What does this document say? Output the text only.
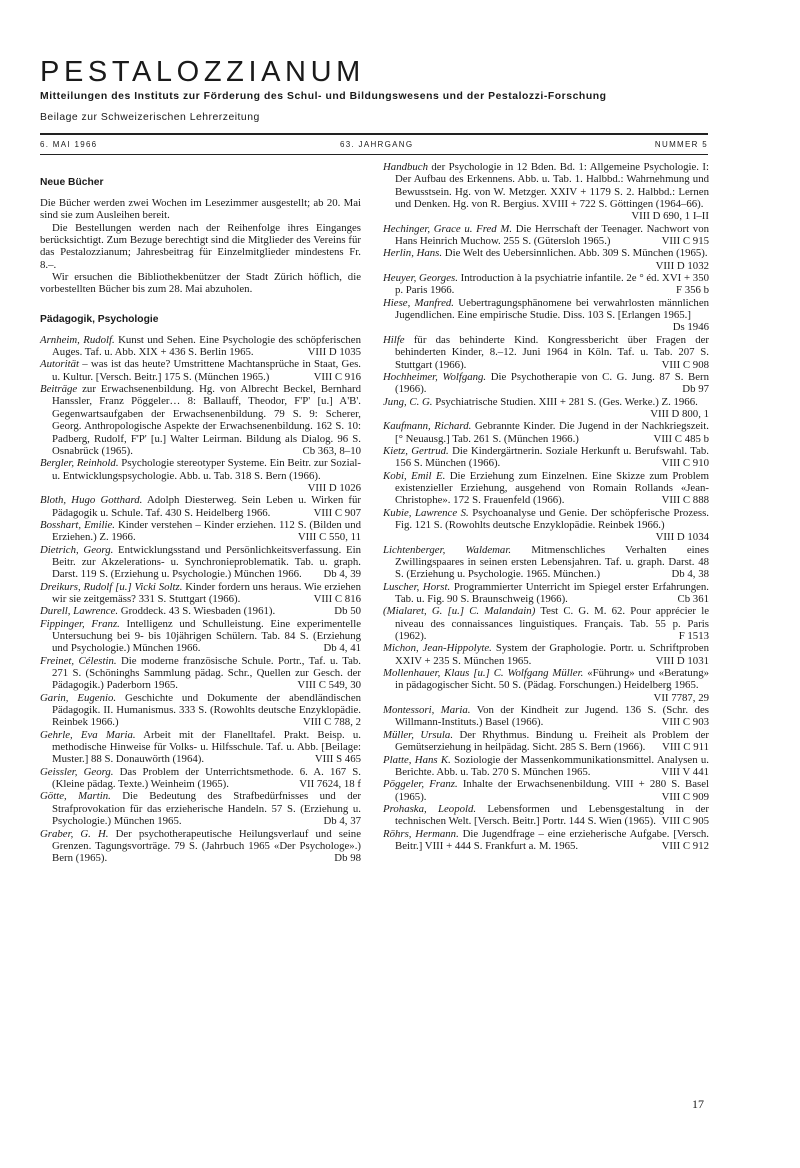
PESTALOZZIANUM
Mitteilungen des Instituts zur Förderung des Schul- und Bildungswesens und der Pestalozzi-Forschung
Beilage zur Schweizerischen Lehrerzeitung
6. MAI 1966	63. JAHRGANG	NUMMER 5
Neue Bücher

Die Bücher werden zwei Wochen im Lesezimmer ausgestellt; ab 20. Mai sind sie zum Ausleihen bereit.

Die Bestellungen werden nach der Reihenfolge ihres Einganges berücksichtigt. Zum Bezuge berechtigt sind die Mitglieder des Vereins für das Pestalozzianum; Jahresbeitrag für Einzelmitglieder mindestens Fr. 8.–.

Wir ersuchen die Bibliothekbenützer der Stadt Zürich höflich, die vorbestellten Bücher bis zum 28. Mai abzuholen.

Pädagogik, Psychologie

Arnheim, Rudolf. Kunst und Sehen. Eine Psychologie des schöpferischen Auges. Taf. u. Abb. XIX + 436 S. Berlin 1965.	VIII D 1035

Autorität – was ist das heute? Umstrittene Machtansprüche in Staat, Ges. u. Kultur. [Versch. Beitr.] 175 S. (München 1965.)	VIII C 916

Beiträge zur Erwachsenenbildung. Hg. von Albrecht Beckel, Bernhard Hanssler, Franz Pöggeler… 8: Ballauff, Theodor, F'P' [u.] A'B'. Gegenwartsaufgaben der Erwachsenenbildung. 79 S. 9: Scherer, Georg. Anthropologische Aspekte der Erwachsenenbildung. 162 S. 10: Padberg, Rudolf, F'P' [u.] Walter Leirman. Bildung als Dialog. 96 S. Osnabrück (1965).	Cb 363, 8–10

Bergler, Reinhold. Psychologie stereotyper Systeme. Ein Beitr. zur Sozial- u. Entwicklungspsychologie. Abb. u. Tab. 318 S. Bern (1966).
VIII D 1026

Bloth, Hugo Gotthard. Adolph Diesterweg. Sein Leben u. Wirken für Pädagogik u. Schule. Taf. 430 S. Heidelberg 1966.	VIII C 907

Bosshart, Emilie. Kinder verstehen – Kinder erziehen. 112 S. (Bilden und Erziehen.) Z. 1966.	VIII C 550, 11

Dietrich, Georg. Entwicklungsstand und Persönlichkeitsverfassung. Ein Beitr. zur Akzelerations- u. Synchronieproblematik. Tab. u. graph. Darst. 119 S. (Erziehung u. Psychologie.) München 1966.	Db 4, 39

Dreikurs, Rudolf [u.] Vicki Soltz. Kinder fordern uns heraus. Wie erziehen wir sie zeitgemäss? 331 S. Stuttgart (1966).	VIII C 816

Durell, Lawrence. Groddeck. 43 S. Wiesbaden (1961).	Db 50

Fippinger, Franz. Intelligenz und Schulleistung. Eine experimentelle Untersuchung bei 9- bis 10jährigen Schülern. Tab. 84 S. (Erziehung und Psychologie.) München 1966.	Db 4, 41

Freinet, Célestin. Die moderne französische Schule. Portr., Taf. u. Tab. 271 S. (Schöninghs Sammlung pädag. Schr., Quellen zur Gesch. der Pädagogik.) Paderborn 1965.	VIII C 549, 30

Garin, Eugenio. Geschichte und Dokumente der abendländischen Pädagogik. II. Humanismus. 333 S. (Rowohlts deutsche Enzyklopädie. Reinbek 1966.)	VIII C 788, 2

Gehrle, Eva Maria. Arbeit mit der Flanelltafel. Prakt. Beisp. u. methodische Hinweise für Volks- u. Hilfsschule. Taf. u. Abb. [Beilage: Muster.] 88 S. Donauwörth (1964).	VIII S 465

Geissler, Georg. Das Problem der Unterrichtsmethode. 6. A. 167 S. (Kleine pädag. Texte.) Weinheim (1965).	VII 7624, 18 f

Götte, Martin. Die Bedeutung des Strafbedürfnisses und der Strafprovokation für das erzieherische Handeln. 57 S. (Erziehung u. Psychologie.) München 1965.	Db 4, 37

Graber, G. H. Der psychotherapeutische Heilungsverlauf und seine Grenzen. Tagungsvorträge. 79 S. (Jahrbuch 1965 «Der Psychologe».) Bern (1965).	Db 98

Handbuch der Psychologie in 12 Bden. Bd. 1: Allgemeine Psychologie. I: Der Aufbau des Erkennens. Abb. u. Tab. 1. Halbbd.: Wahrnehmung und Bewusstsein. Hg. von W. Metzger. XXIV + 1179 S. 2. Halbbd.: Lernen und Denken. Hg. von R. Bergius. XVIII + 722 S. Göttingen (1964–66).
VIII D 690, 1 I–II

Hechinger, Grace u. Fred M. Die Herrschaft der Teenager. Nachwort von Hans Heinrich Muchow. 255 S. (Gütersloh 1965.)	VIII C 915

Herlin, Hans. Die Welt des Uebersinnlichen. Abb. 309 S. München (1965).
VIII D 1032

Heuyer, Georges. Introduction à la psychiatrie infantile. 2e ° éd. XVI + 350 p. Paris 1966.	F 356 b

Hiese, Manfred. Uebertragungsphänomene bei verwahrlosten männlichen Jugendlichen. Eine empirische Studie. Diss. 103 S. [Erlangen 1965.]
Ds 1946

Hilfe für das behinderte Kind. Kongressbericht über Fragen der behinderten Kinder, 8.–12. Juni 1964 in Köln. Taf. u. Tab. 207 S. Stuttgart (1966).	VIII C 908

Hochheimer, Wolfgang. Die Psychotherapie von C. G. Jung. 87 S. Bern (1966).	Db 97

Jung, C. G. Psychiatrische Studien. XIII + 281 S. (Ges. Werke.) Z. 1966.
VIII D 800, 1

Kaufmann, Richard. Gebrannte Kinder. Die Jugend in der Nachkriegszeit. [° Neuausg.] Tab. 261 S. (München 1966.)	VIII C 485 b

Kietz, Gertrud. Die Kindergärtnerin. Soziale Herkunft u. Berufswahl. Tab. 156 S. München (1966).	VIII C 910

Kobi, Emil E. Die Erziehung zum Einzelnen. Eine Skizze zum Problem existenzieller Erziehung, ausgehend von Romain Rollands «Jean-Christophe». 172 S. Frauenfeld (1966).	VIII C 888

Kubie, Lawrence S. Psychoanalyse und Genie. Der schöpferische Prozess. Fig. 121 S. (Rowohlts deutsche Enzyklopädie. Reinbek 1966.)
VIII D 1034

Lichtenberger, Waldemar. Mitmenschliches Verhalten eines Zwillingspaares in seinen ersten Lebensjahren. Taf. u. graph. Darst. 48 S. (Erziehung u. Psychologie. 1965. München.)	Db 4, 38

Luscher, Horst. Programmierter Unterricht im Spiegel erster Erfahrungen. Tab. u. Fig. 90 S. Braunschweig (1966).	Cb 361

(Mialaret, G. [u.] C. Malandain) Test C. G. M. 62. Pour apprécier le niveau des connaissances linguistiques. Français. Tab. 55 p. Paris (1962).	F 1513

Michon, Jean-Hippolyte. System der Graphologie. Portr. u. Schriftproben XXIV + 235 S. München 1965.	VIII D 1031

Mollenhauer, Klaus [u.] C. Wolfgang Müller. «Führung» und «Beratung» in pädagogischer Sicht. 50 S. (Pädag. Forschungen.) Heidelberg 1965.
VII 7787, 29

Montessori, Maria. Von der Kindheit zur Jugend. 136 S. (Schr. des Willmann-Instituts.) Basel (1966).	VIII C 903

Müller, Ursula. Der Rhythmus. Bindung u. Freiheit als Problem der Gemütserziehung in heilpädag. Sicht. 285 S. Bern (1966).	VIII C 911

Platte, Hans K. Soziologie der Massenkommunikationsmittel. Analysen u. Berichte. Abb. u. Tab. 270 S. München 1965.	VIII V 441

Pöggeler, Franz. Inhalte der Erwachsenenbildung. VIII + 280 S. Basel (1965).	VIII C 909

Prohaska, Leopold. Lebensformen und Lebensgestaltung in der technischen Welt. [Versch. Beitr.] Portr. 144 S. Wien (1965). VIII C 905

Röhrs, Hermann. Die Jugendfrage – eine erzieherische Aufgabe. [Versch. Beitr.] VIII + 444 S. Frankfurt a. M. 1965.	VIII C 912

17
